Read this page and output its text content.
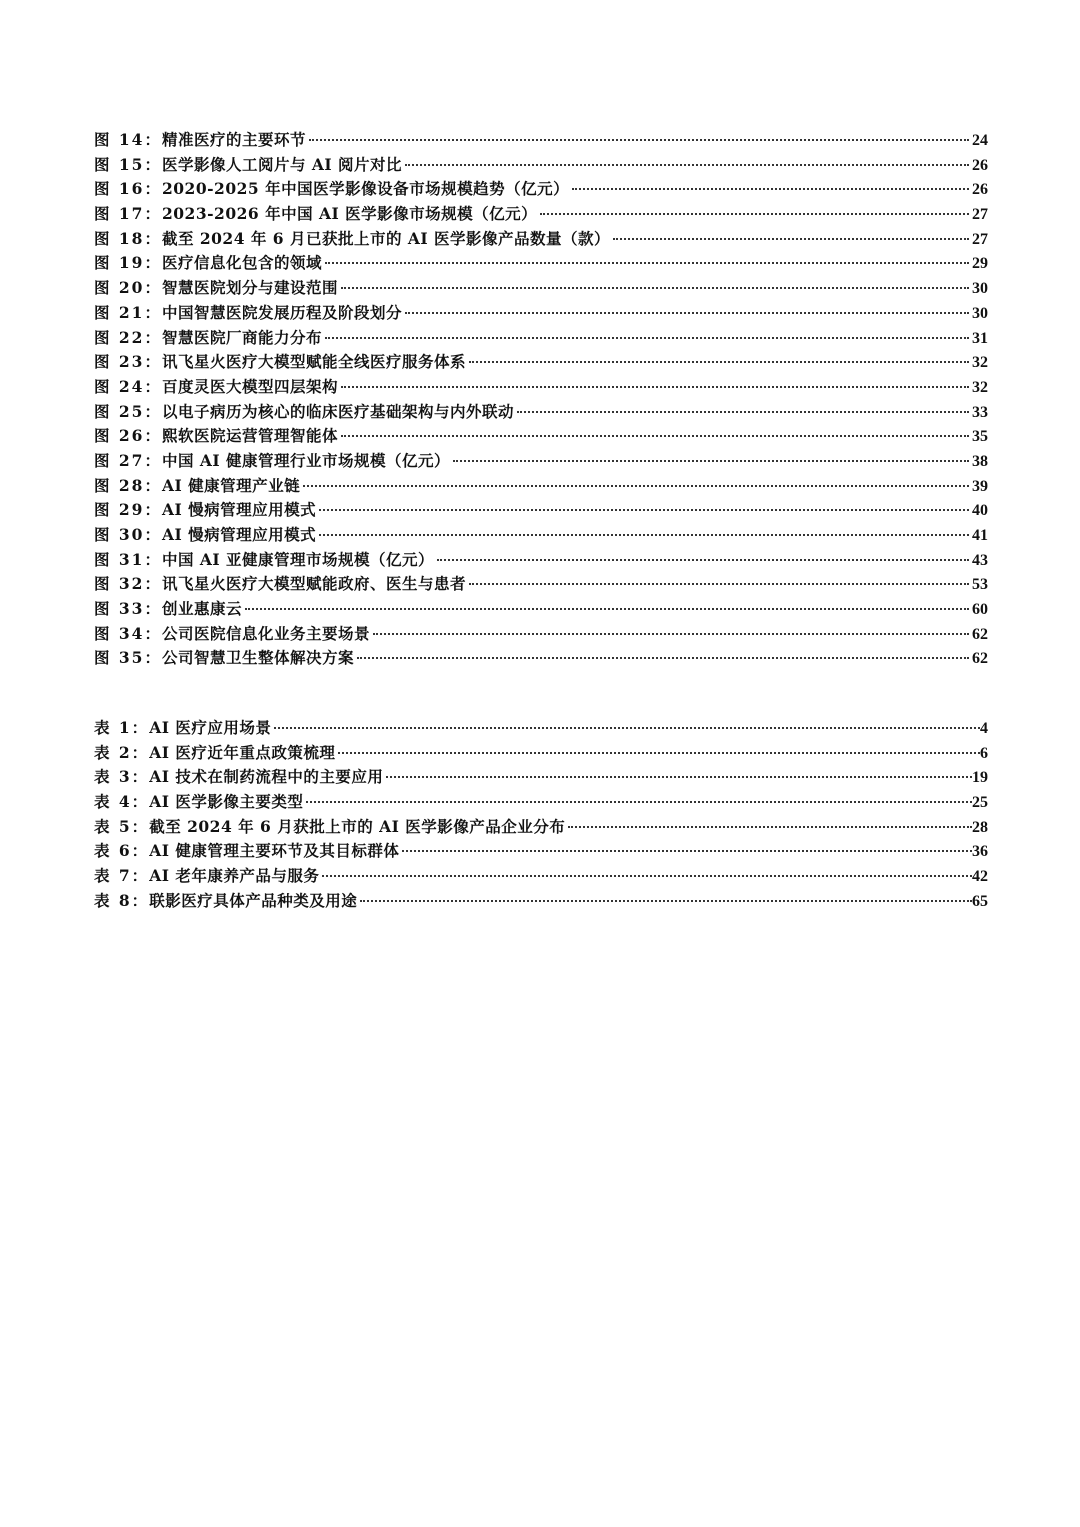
图 14： 精准医疗的主要环节	24
图 15： 医学影像人工阅片与 AI 阅片对比	26
图 16： 2020-2025 年中国医学影像设备市场规模趋势（亿元）	26
图 17： 2023-2026 年中国 AI 医学影像市场规模（亿元）	27
图 18： 截至 2024 年 6 月已获批上市的 AI 医学影像产品数量（款）	27
图 19： 医疗信息化包含的领域	29
图 20： 智慧医院划分与建设范围	30
图 21： 中国智慧医院发展历程及阶段划分	30
图 22： 智慧医院厂商能力分布	31
图 23： 讯飞星火医疗大模型赋能全线医疗服务体系	32
图 24： 百度灵医大模型四层架构	32
图 25： 以电子病历为核心的临床医疗基础架构与内外联动	33
图 26： 熙软医院运营管理智能体	35
图 27： 中国 AI 健康管理行业市场规模（亿元）	38
图 28： AI 健康管理产业链	39
图 29： AI 慢病管理应用模式	40
图 30： AI 慢病管理应用模式	41
图 31： 中国 AI 亚健康管理市场规模（亿元）	43
图 32： 讯飞星火医疗大模型赋能政府、医生与患者	53
图 33： 创业惠康云	60
图 34： 公司医院信息化业务主要场景	62
图 35： 公司智慧卫生整体解决方案	62
表 1： AI 医疗应用场景	4
表 2： AI 医疗近年重点政策梳理	6
表 3： AI 技术在制药流程中的主要应用	19
表 4： AI 医学影像主要类型	25
表 5： 截至 2024 年 6 月获批上市的 AI 医学影像产品企业分布	28
表 6： AI 健康管理主要环节及其目标群体	36
表 7： AI 老年康养产品与服务	42
表 8： 联影医疗具体产品种类及用途	65
